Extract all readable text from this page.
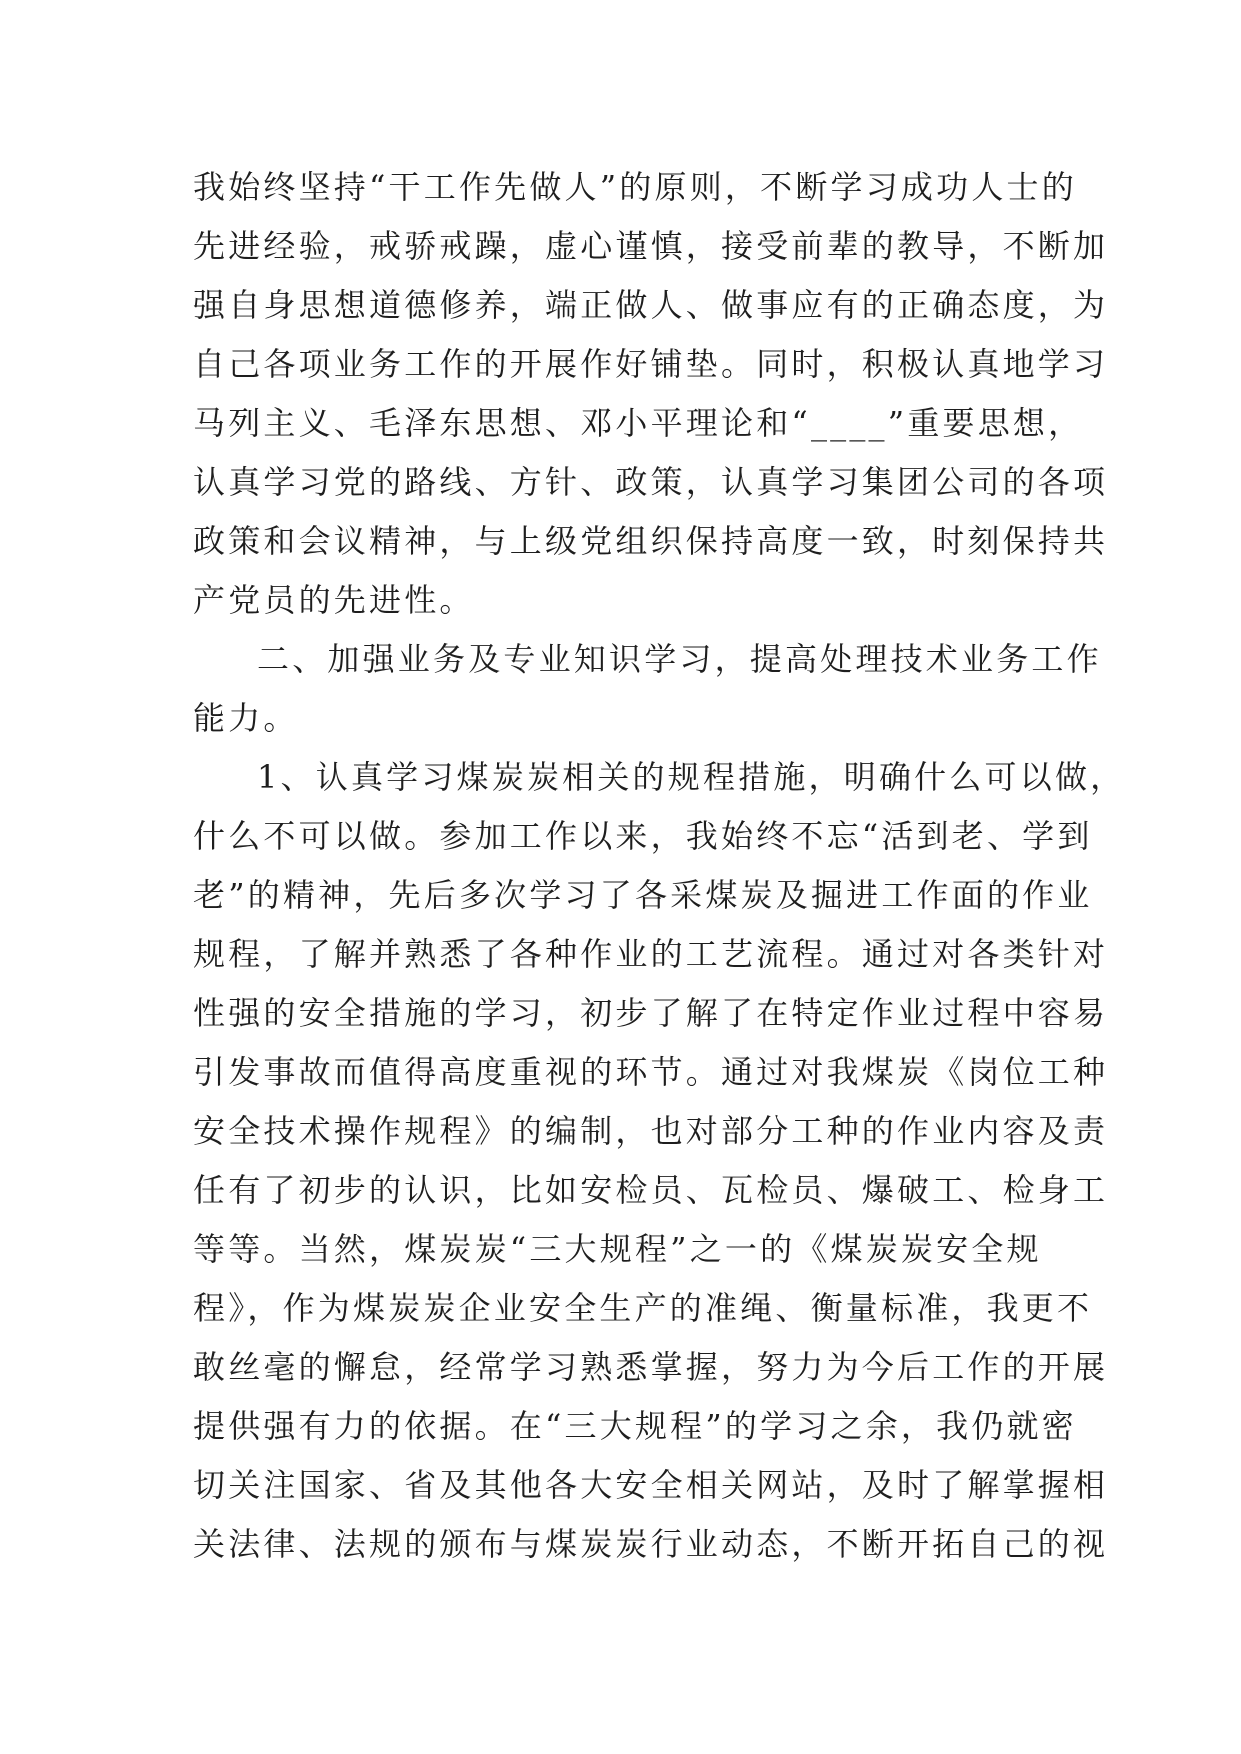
我始终坚持“干工作先做人”的原则，不断学习成功人士的
先进经验，戒骄戒躁，虚心谨慎，接受前辈的教导，不断加
强自身思想道德修养，端正做人、做事应有的正确态度，为
自己各项业务工作的开展作好铺垫。同时，积极认真地学习
马列主义、毛泽东思想、邓小平理论和“____”重要思想，
认真学习党的路线、方针、政策，认真学习集团公司的各项
政策和会议精神，与上级党组织保持高度一致，时刻保持共
产党员的先进性。
二、加强业务及专业知识学习，提高处理技术业务工作
能力。
1、认真学习煤炭炭相关的规程措施，明确什么可以做，
什么不可以做。参加工作以来，我始终不忘“活到老、学到
老”的精神，先后多次学习了各采煤炭及掘进工作面的作业
规程，了解并熟悉了各种作业的工艺流程。通过对各类针对
性强的安全措施的学习，初步了解了在特定作业过程中容易
引发事故而值得高度重视的环节。通过对我煤炭《岗位工种
安全技术操作规程》的编制，也对部分工种的作业内容及责
任有了初步的认识，比如安检员、瓦检员、爆破工、检身工
等等。当然，煤炭炭“三大规程”之一的《煤炭炭安全规
程》，作为煤炭炭企业安全生产的准绳、衡量标准，我更不
敢丝毫的懈怠，经常学习熟悉掌握，努力为今后工作的开展
提供强有力的依据。在“三大规程”的学习之余，我仍就密
切关注国家、省及其他各大安全相关网站，及时了解掌握相
关法律、法规的颁布与煤炭炭行业动态，不断开拓自己的视
